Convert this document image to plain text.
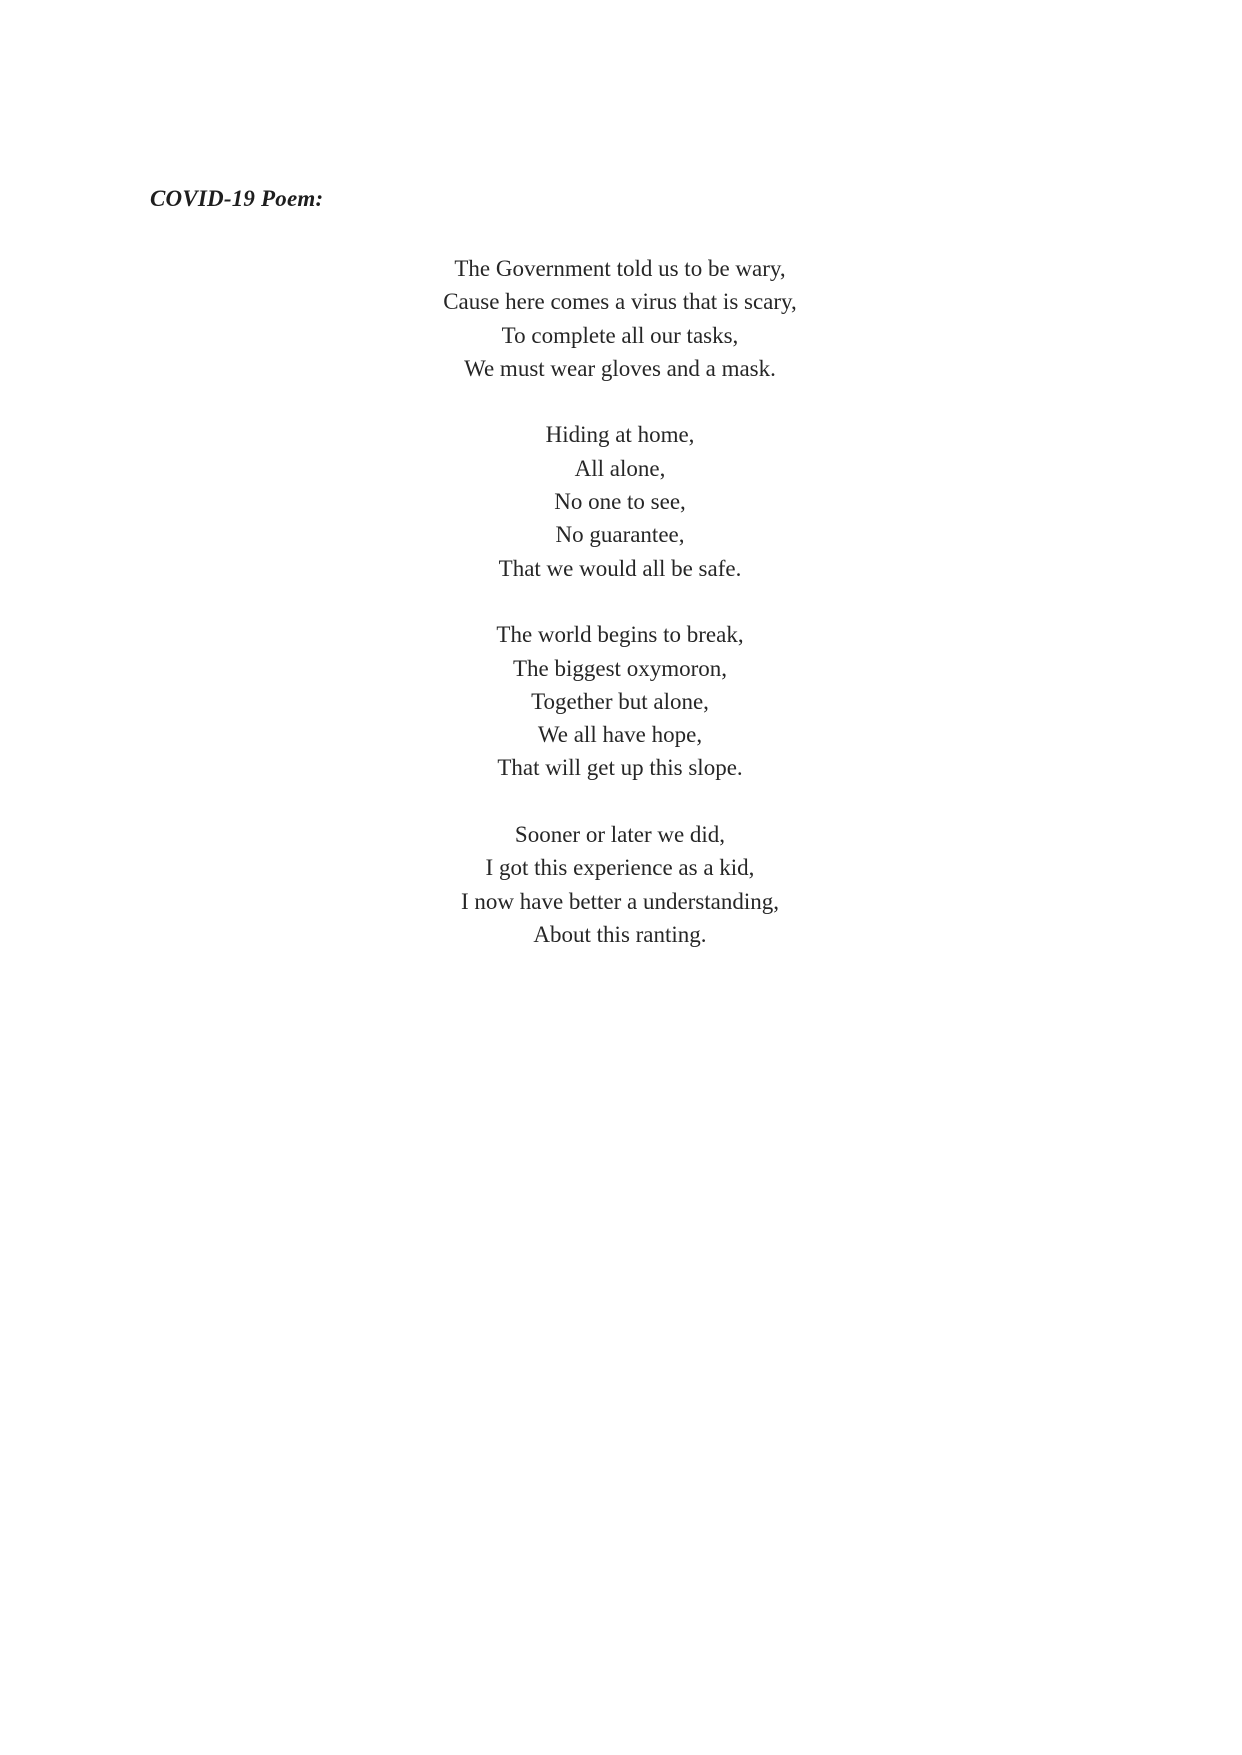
COVID-19 Poem:
The Government told us to be wary,
Cause here comes a virus that is scary,
To complete all our tasks,
We must wear gloves and a mask.
Hiding at home,
All alone,
No one to see,
No guarantee,
That we would all be safe.
The world begins to break,
The biggest oxymoron,
Together but alone,
We all have hope,
That will get up this slope.
Sooner or later we did,
I got this experience as a kid,
I now have better a understanding,
About this ranting.
